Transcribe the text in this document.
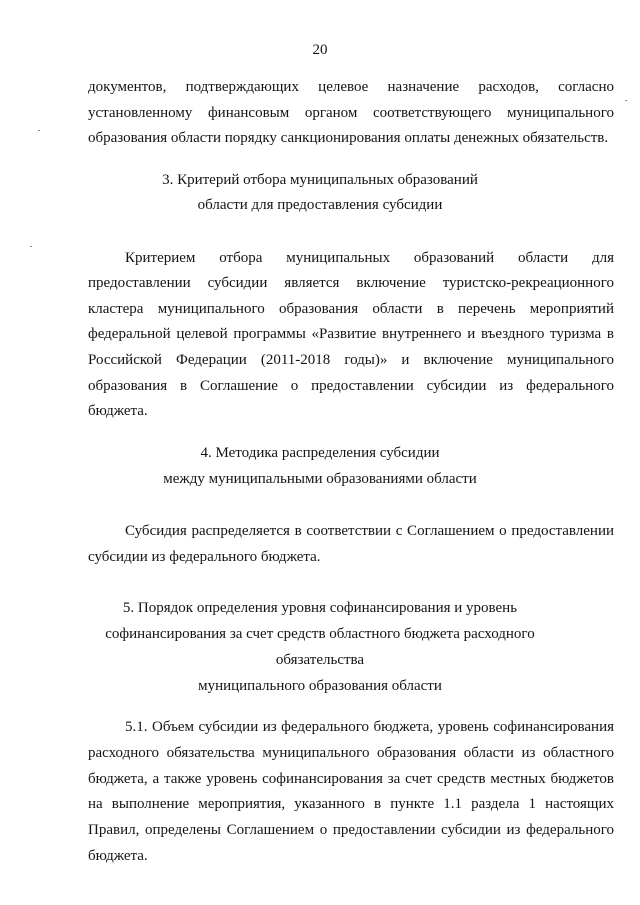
20
документов, подтверждающих целевое назначение расходов, согласно
установленному финансовым органом соответствующего муниципального
образования области порядку санкционирования оплаты денежных обязательств.
3. Критерий отбора муниципальных образований
области для предоставления субсидии
Критерием отбора муниципальных образований области для
предоставлении субсидии является включение туристско-рекреационного
кластера муниципального образования области в перечень мероприятий
федеральной целевой программы «Развитие внутреннего и въездного туризма в
Российской Федерации (2011-2018 годы)» и включение муниципального
образования в Соглашение о предоставлении субсидии из федерального
бюджета.
4. Методика распределения субсидии
между муниципальными образованиями области
Субсидия распределяется в соответствии с Соглашением о предоставлении
субсидии из федерального бюджета.
5. Порядок определения уровня софинансирования и уровень
софинансирования за счет средств областного бюджета расходного
обязательства
муниципального образования области
5.1. Объем субсидии из федерального бюджета, уровень софинансирования
расходного обязательства муниципального образования области из областного
бюджета, а также уровень софинансирования за счет средств местных бюджетов
на выполнение мероприятия, указанного в пункте 1.1 раздела 1 настоящих
Правил, определены Соглашением о предоставлении субсидии из федерального
бюджета.
